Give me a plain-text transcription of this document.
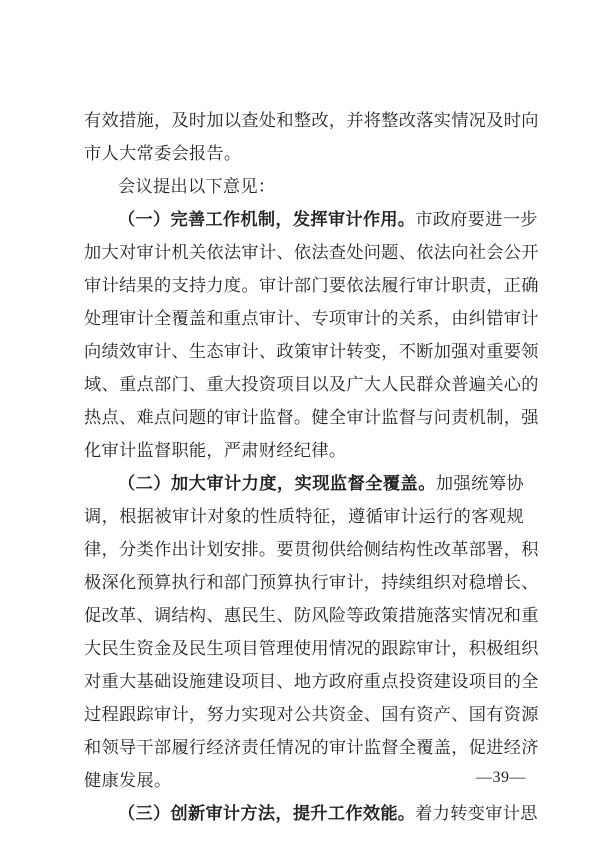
有效措施，及时加以查处和整改，并将整改落实情况及时向
市人大常委会报告。
会议提出以下意见：
（一）完善工作机制，发挥审计作用。市政府要进一步
加大对审计机关依法审计、依法查处问题、依法向社会公开
审计结果的支持力度。审计部门要依法履行审计职责，正确
处理审计全覆盖和重点审计、专项审计的关系，由纠错审计
向绩效审计、生态审计、政策审计转变，不断加强对重要领
域、重点部门、重大投资项目以及广大人民群众普遍关心的
热点、难点问题的审计监督。健全审计监督与问责机制，强
化审计监督职能，严肃财经纪律。
（二）加大审计力度，实现监督全覆盖。加强统筹协
调，根据被审计对象的性质特征，遵循审计运行的客观规
律，分类作出计划安排。要贯彻供给侧结构性改革部署，积
极深化预算执行和部门预算执行审计，持续组织对稳增长、
促改革、调结构、惠民生、防风险等政策措施落实情况和重
大民生资金及民生项目管理使用情况的跟踪审计，积极组织
对重大基础设施建设项目、地方政府重点投资建设项目的全
过程跟踪审计，努力实现对公共资金、国有资产、国有资源
和领导干部履行经济责任情况的审计监督全覆盖，促进经济
健康发展。
（三）创新审计方法，提升工作效能。着力转变审计思
—39—
